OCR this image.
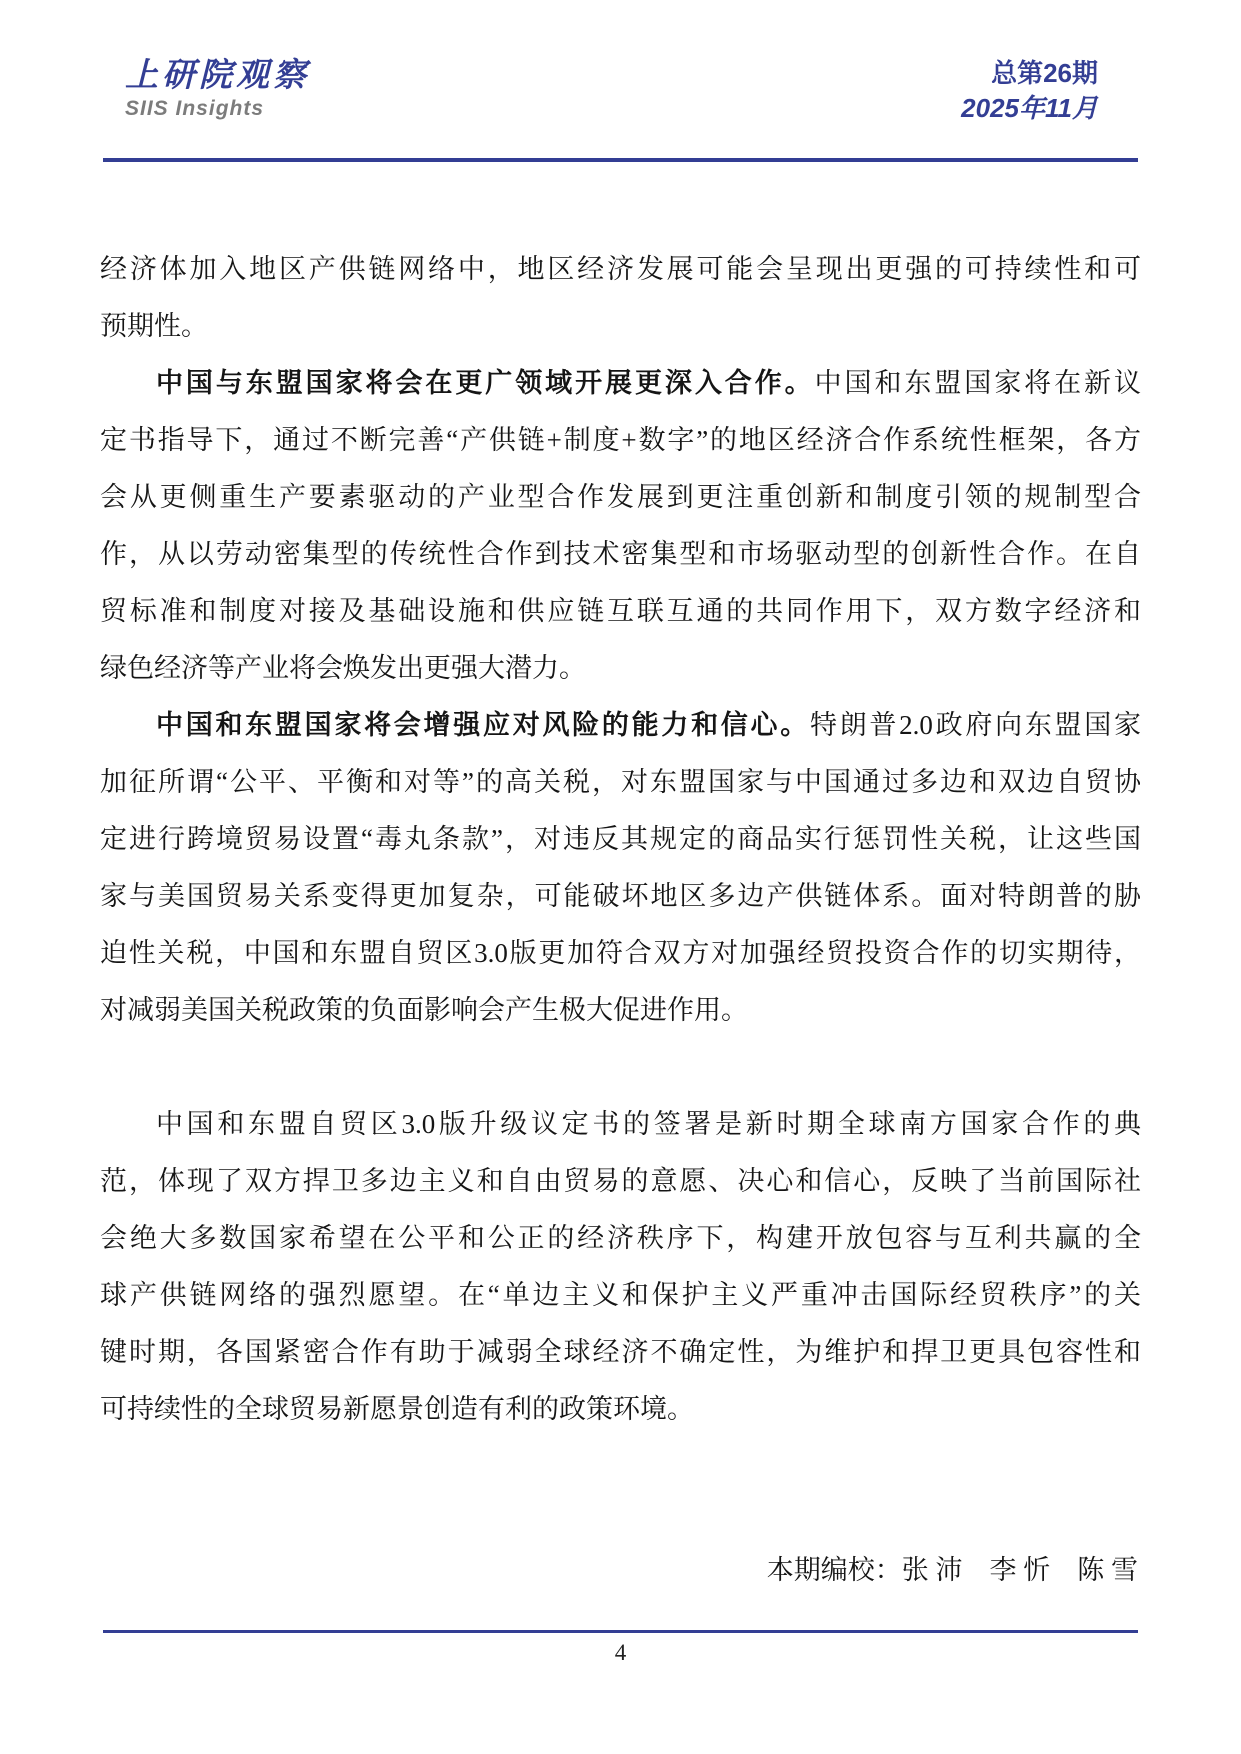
上研院观察
SIIS Insights
总第26期
2025年11月
经济体加入地区产供链网络中，地区经济发展可能会呈现出更强的可持续性和可
预期性。
中国与东盟国家将会在更广领域开展更深入合作。中国和东盟国家将在新议
定书指导下，通过不断完善“产供链+制度+数字”的地区经济合作系统性框架，各方
会从更侧重生产要素驱动的产业型合作发展到更注重创新和制度引领的规制型合
作，从以劳动密集型的传统性合作到技术密集型和市场驱动型的创新性合作。在自
贸标准和制度对接及基础设施和供应链互联互通的共同作用下，双方数字经济和
绿色经济等产业将会焕发出更强大潜力。
中国和东盟国家将会增强应对风险的能力和信心。特朗普2.0政府向东盟国家
加征所谓“公平、平衡和对等”的高关税，对东盟国家与中国通过多边和双边自贸协
定进行跨境贸易设置“毒丸条款”，对违反其规定的商品实行惩罚性关税，让这些国
家与美国贸易关系变得更加复杂，可能破坏地区多边产供链体系。面对特朗普的胁
迫性关税，中国和东盟自贸区3.0版更加符合双方对加强经贸投资合作的切实期待，
对减弱美国关税政策的负面影响会产生极大促进作用。
中国和东盟自贸区3.0版升级议定书的签署是新时期全球南方国家合作的典
范，体现了双方捍卫多边主义和自由贸易的意愿、决心和信心，反映了当前国际社
会绝大多数国家希望在公平和公正的经济秩序下，构建开放包容与互利共赢的全
球产供链网络的强烈愿望。在“单边主义和保护主义严重冲击国际经贸秩序”的关
键时期，各国紧密合作有助于减弱全球经济不确定性，为维护和捍卫更具包容性和
可持续性的全球贸易新愿景创造有利的政策环境。
本期编校：张 沛　李 忻　陈 雪
4
